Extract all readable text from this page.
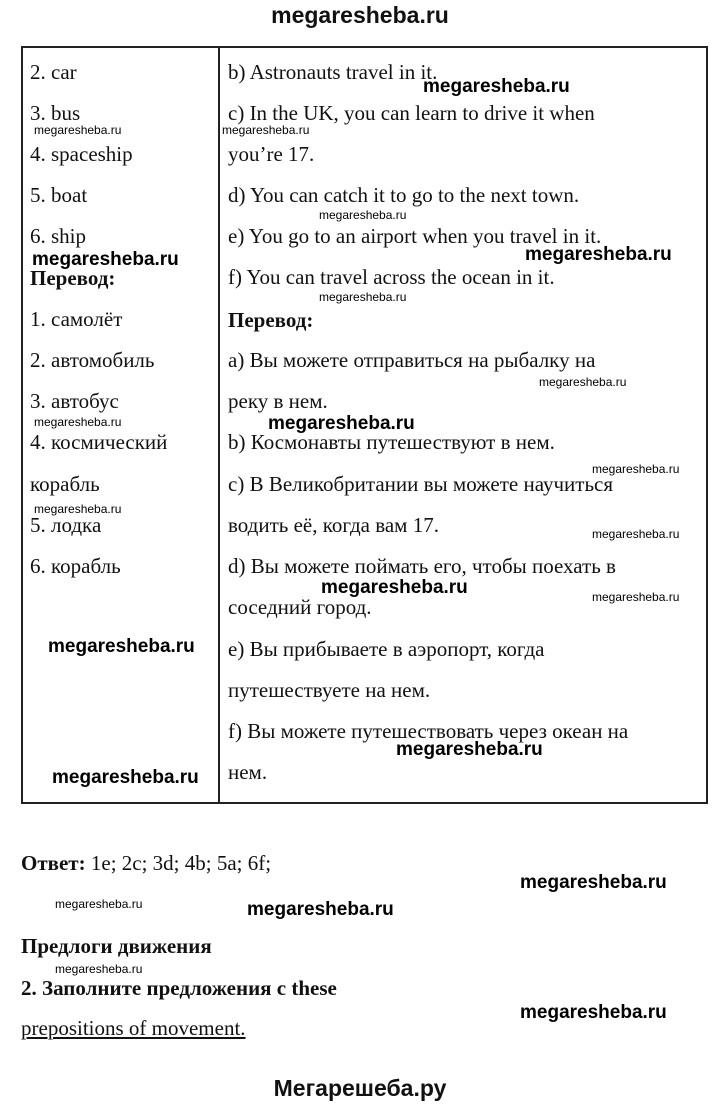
megaresheba.ru
2. car
3. bus
4. spaceship
5. boat
6. ship
Перевод:
1. самолёт
2. автомобиль
3. автобус
4. космический
корабль
5. лодка
6. корабль
b) Astronauts travel in it.
c) In the UK, you can learn to drive it when
you’re 17.
d) You can catch it to go to the next town.
e) You go to an airport when you travel in it.
f) You can travel across the ocean in it.
Перевод:
a) Вы можете отправиться на рыбалку на
реку в нем.
b) Космонавты путешествуют в нем.
c) В Великобритании вы можете научиться
водить её, когда вам 17.
d) Вы можете поймать его, чтобы поехать в
соседний город.
e) Вы прибываете в аэропорт, когда
путешествуете на нем.
f) Вы можете путешествовать через океан на
нем.
Ответ: 1e; 2c; 3d; 4b; 5a; 6f;
Предлоги движения
2. Заполните предложения с these
prepositions of movement.
megaresheba.ru
megaresheba.ru	megaresheba.ru
megaresheba.ru
megaresheba.ru	megaresheba.ru
megaresheba.ru
megaresheba.ru
megaresheba.ru	megaresheba.ru
megaresheba.ru
megaresheba.ru
megaresheba.ru
megaresheba.ru	megaresheba.ru
megaresheba.ru
megaresheba.ru
megaresheba.ru
megaresheba.ru
megaresheba.ru	megaresheba.ru
megaresheba.ru
megaresheba.ru
Мегарешеба.ру
